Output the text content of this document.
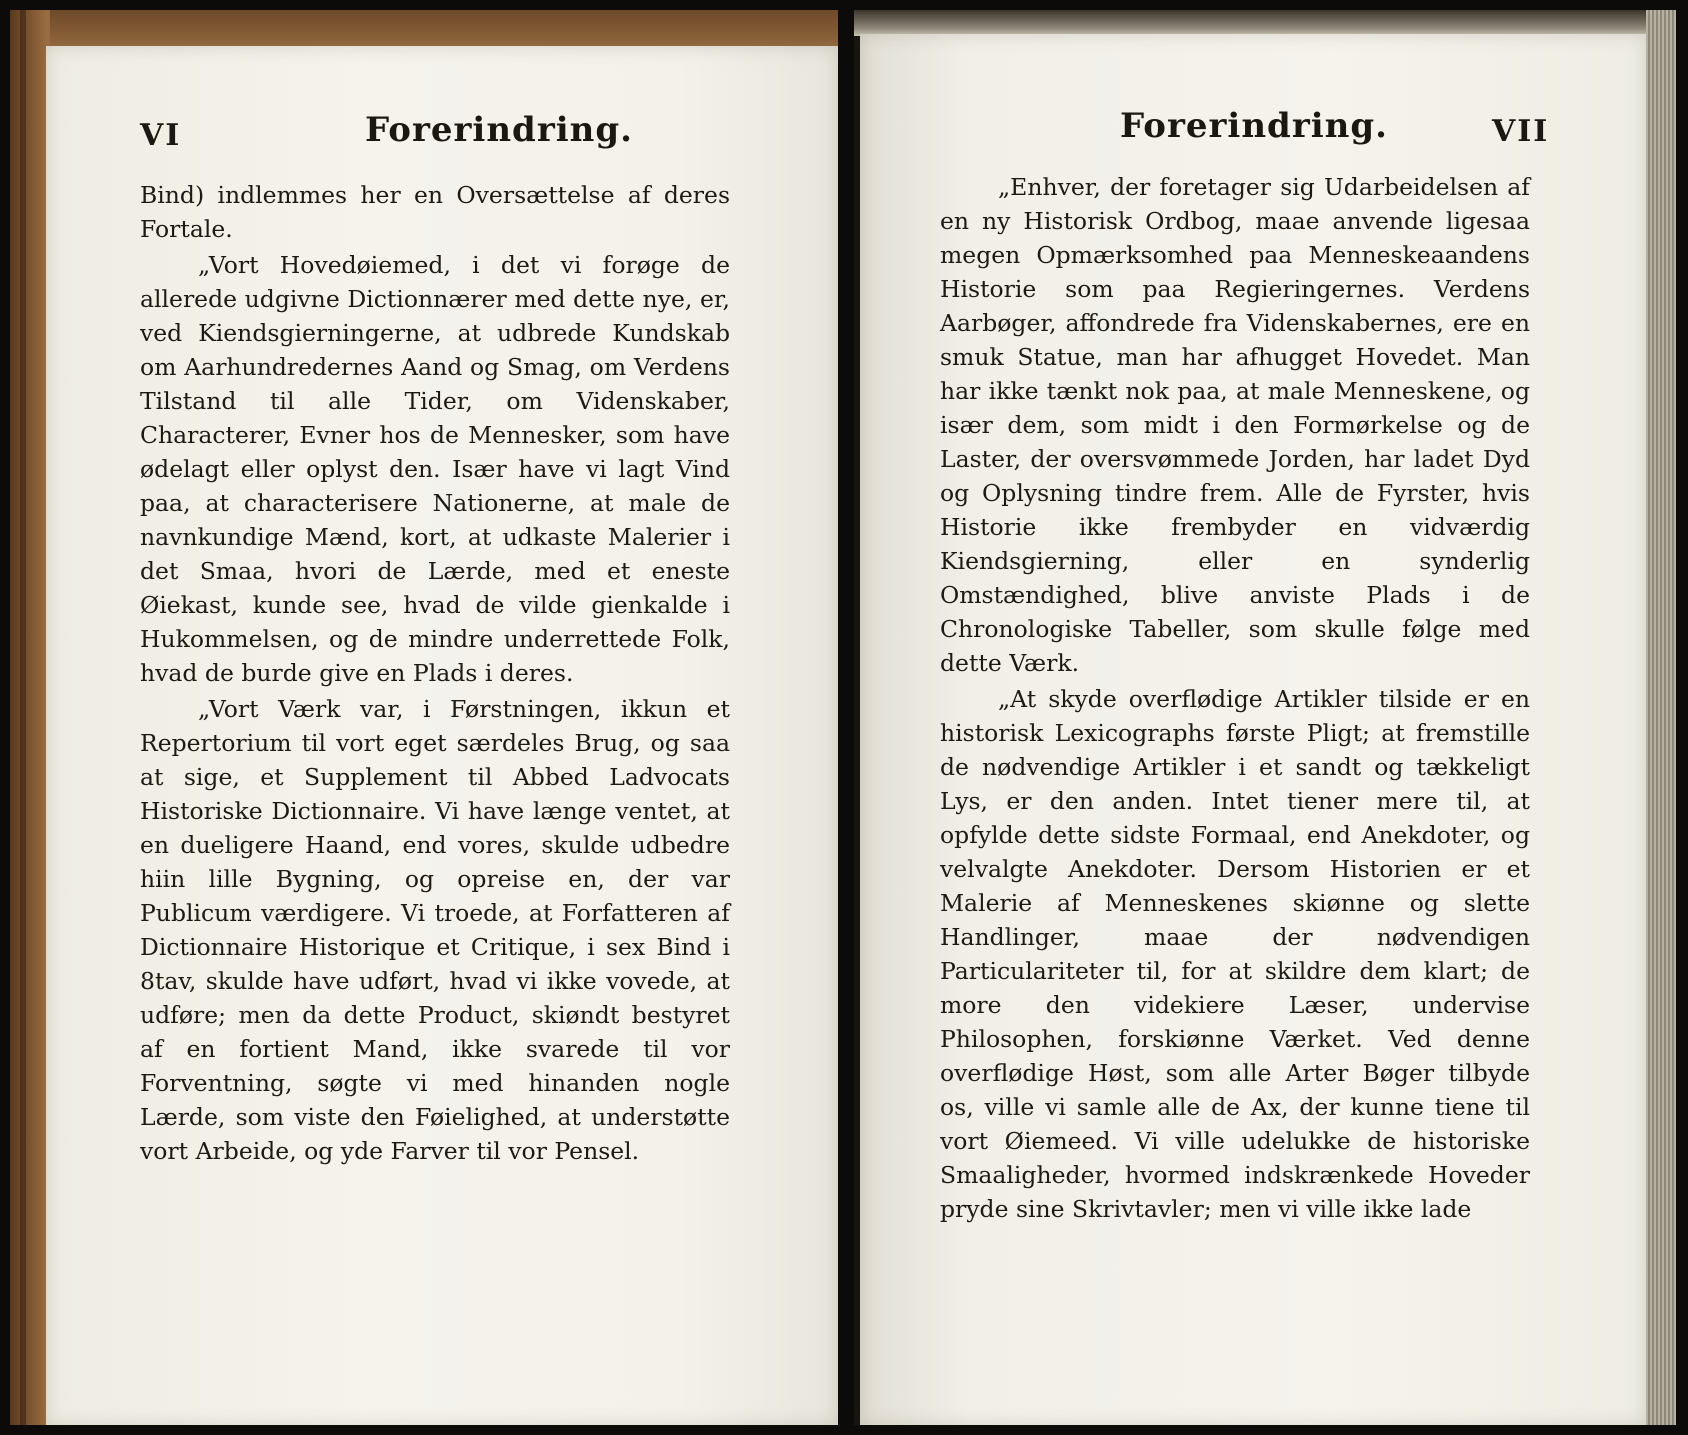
VI	Forerindring.

Bind) indlemmes her en Oversættelse af deres Fortale.

„Vort Hovedøiemed, i det vi forøge de allerede udgivne Dictionnærer med dette nye, er, ved Kiendsgierningerne, at udbrede Kundskab om Aarhundredernes Aand og Smag, om Verdens Tilstand til alle Tider, om Videnskaber, Characterer, Evner hos de Mennesker, som have ødelagt eller oplyst den. Især have vi lagt Vind paa, at characterisere Nationerne, at male de navnkundige Mænd, kort, at udkaste Malerier i det Smaa, hvori de Lærde, med et eneste Øiekast, kunde see, hvad de vilde gienkalde i Hukommelsen, og de mindre underrettede Folk, hvad de burde give en Plads i deres.

„Vort Værk var, i Førstningen, ikkun et Repertorium til vort eget særdeles Brug, og saa at sige, et Supplement til Abbed Ladvocats Historiske Dictionnaire. Vi have længe ventet, at en dueligere Haand, end vores, skulde udbedre hiin lille Bygning, og opreise en, der var Publicum værdigere. Vi troede, at Forfatteren af Dictionnaire Historique et Critique, i sex Bind i 8tav, skulde have udført, hvad vi ikke vovede, at udføre; men da dette Product, skiøndt bestyret af en fortient Mand, ikke svarede til vor Forventning, søgte vi med hinanden nogle Lærde, som viste den Føielighed, at understøtte vort Arbeide, og yde Farver til vor Pensel.

Forerindring.	VII

„Enhver, der foretager sig Udarbeidelsen af en ny Historisk Ordbog, maae anvende ligesaa megen Opmærksomhed paa Menneskeaandens Historie som paa Regieringernes. Verdens Aarbøger, affondrede fra Videnskabernes, ere en smuk Statue, man har afhugget Hovedet. Man har ikke tænkt nok paa, at male Menneskene, og især dem, som midt i den Formørkelse og de Laster, der oversvømmede Jorden, har ladet Dyd og Oplysning tindre frem. Alle de Fyrster, hvis Historie ikke frembyder en vidværdig Kiendsgierning, eller en synderlig Omstændighed, blive anviste Plads i de Chronologiske Tabeller, som skulle følge med dette Værk.

„At skyde overflødige Artikler tilside er en historisk Lexicographs første Pligt; at fremstille de nødvendige Artikler i et sandt og tækkeligt Lys, er den anden. Intet tiener mere til, at opfylde dette sidste Formaal, end Anekdoter, og velvalgte Anekdoter. Dersom Historien er et Malerie af Menneskenes skiønne og slette Handlinger, maae der nødvendigen Particulariteter til, for at skildre dem klart; de more den videkiere Læser, undervise Philosophen, forskiønne Værket. Ved denne overflødige Høst, som alle Arter Bøger tilbyde os, ville vi samle alle de Ax, der kunne tiene til vort Øiemeed. Vi ville udelukke de historiske Smaaligheder, hvormed indskrænkede Hoveder pryde sine Skrivtavler; men vi ville ikke lade
